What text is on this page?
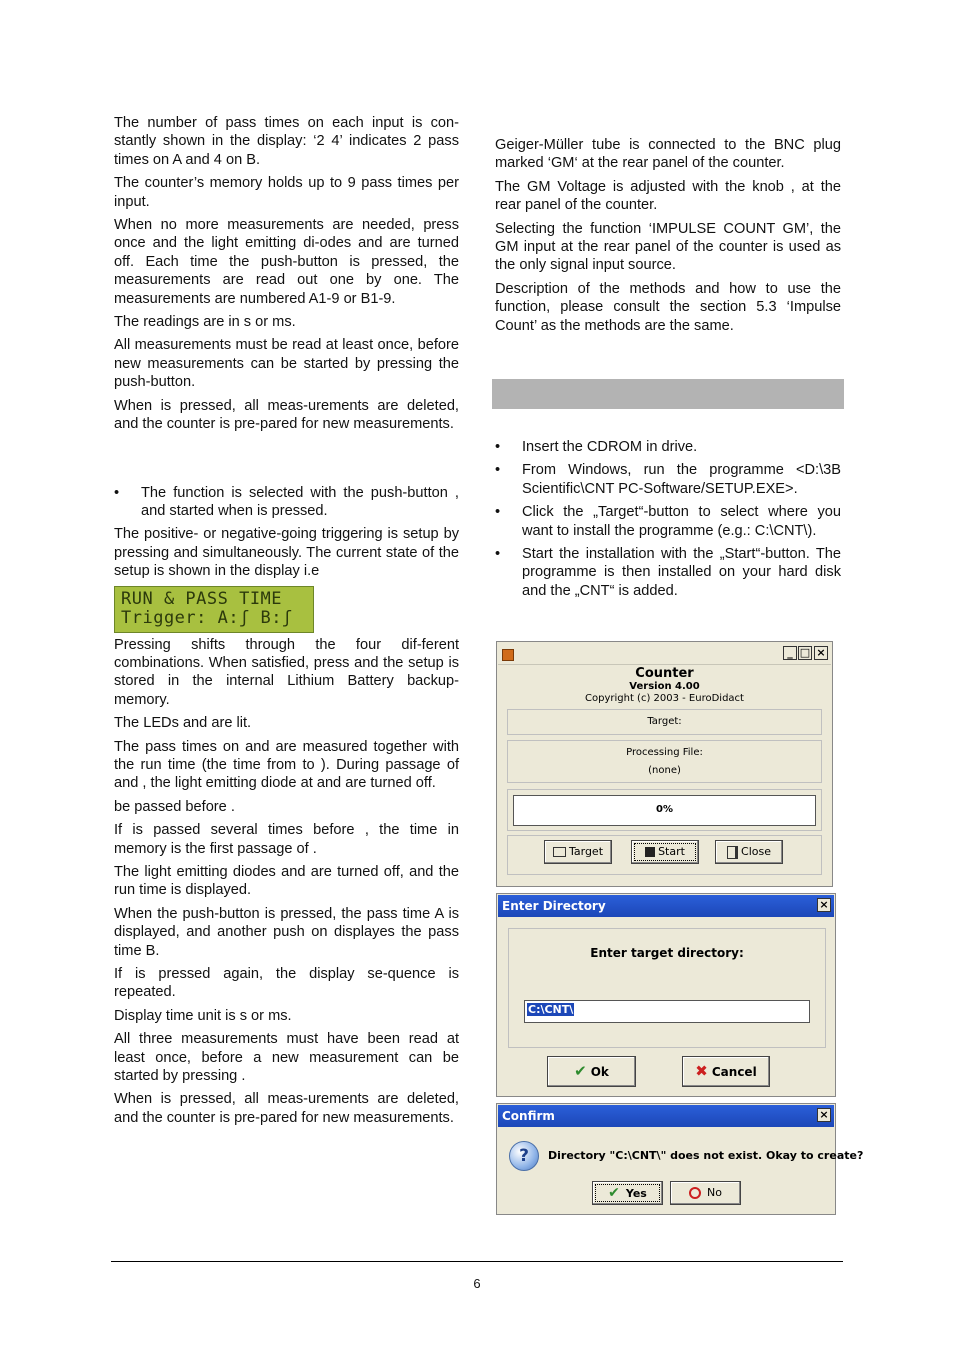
The number of pass times on each input is con-stantly shown in the display: ‘2 4’ indicates 2 pass times on A and 4 on B.

The counter’s memory holds up to 9 pass times per input.

When no more measurements are needed, press once and the light emitting di-odes and are turned off. Each time the push-button is pressed, the measurements are read out one by one. The measurements are numbered A1-9 or B1-9.

The readings are in s or ms.

All measurements must be read at least once, before new measurements can be started by pressing the push-button.

When is pressed, all meas-urements are deleted, and the counter is pre-pared for new measurements.

• The function is selected with the push-button , and started when is pressed.

The positive- or negative-going triggering is setup by pressing and simultaneously. The current state of the setup is shown in the display i.e

RUN & PASS TIME
Trigger: A:ʃ B:ʃ

Pressing shifts through the four dif-ferent combinations. When satisfied, press and the setup is stored in the internal Lithium Battery backup-memory.

The LEDs and are lit.

The pass times on and are measured together with the run time (the time from to ). During passage of and , the light emitting diode at and are turned off.

be passed before .

If is passed several times before , the time in memory is the first passage of .

The light emitting diodes and are turned off, and the run time is displayed.

When the push-button is pressed, the pass time A is displayed, and another push on displayes the pass time B.

If is pressed again, the display se-quence is repeated.

Display time unit is s or ms.

All three measurements must have been read at least once, before a new measurement can be started by pressing .

When is pressed, all meas-urements are deleted, and the counter is pre-pared for new measurements.

Geiger-Müller tube is connected to the BNC plug marked ‘GM‘ at the rear panel of the counter.

The GM Voltage is adjusted with the knob , at the rear panel of the counter.

Selecting the function ‘IMPULSE COUNT GM’, the GM input at the rear panel of the counter is used as the only signal input source.

Description of the methods and how to use the function, please consult the section 5.3 ‘Impulse Count’ as the methods are the same.

• Insert the CDROM in drive.
• From Windows, run the programme <D:\3B Scientific\CNT PC-Software/SETUP.EXE>.
• Click the „Target“-button to select where you want to install the programme (e.g.: C:\CNT\).
• Start the installation with the „Start“-button. The programme is then installed on your hard disk and the „CNT“ is added.
_ □ ×
Counter
Version 4.00
Copyright (c) 2003 - EuroDidact
Target:
Processing File:
(none)
0%
Target	Start	Close
Enter Directory	×
Enter target directory:
C:\CNT\
✔ Ok	✖ Cancel
Confirm	×
?	Directory "C:\CNT\" does not exist. Okay to create?
✔ Yes	No
6
